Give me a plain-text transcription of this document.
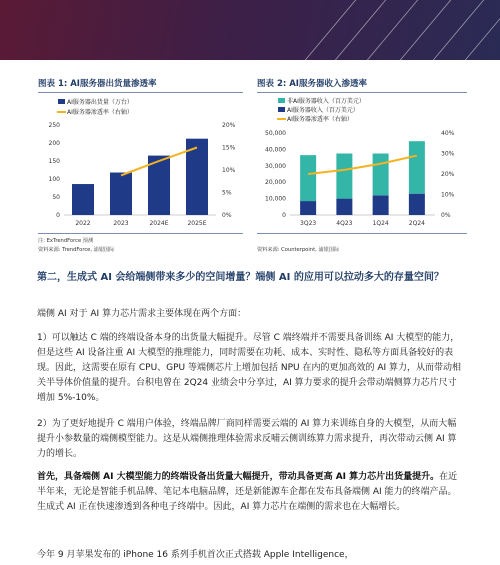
图表 1: AI服务器出货量渗透率
AI服务器出货量（万台）
AI服务器渗透率（右轴）
0
50
100
150
200
250
0%
5%
10%
15%
20%
2022	2023	2024E	2025E
注: ExTrendForce 预测
资料来源: TrendForce, 浦银国际
图表 2: AI服务器收入渗透率
非AI服务器收入（百万美元）
AI服务器收入（百万美元）
AI服务器渗透率（右轴）
0
10,000
20,000
30,000
40,000
50,000
0%
10%
20%
30%
40%
3Q23	4Q23	1Q24	2Q24
资料来源: Counterpoint, 浦银国际
第二，生成式 AI 会给端侧带来多少的空间增量？端侧 AI 的应用可以拉动多大的存量空间？
端侧 AI 对于 AI 算力芯片需求主要体现在两个方面：
1）可以触达 C 端的终端设备本身的出货量大幅提升。尽管 C 端终端并不需要具备训练 AI 大模型的能力，但是这些 AI 设备注重 AI 大模型的推理能力，同时需要在功耗、成本、实时性、隐私等方面具备较好的表现。因此，这需要在原有 CPU、GPU 等端侧芯片上增加包括 NPU 在内的更加高效的 AI 算力，从而带动相关半导体价值量的提升。台积电曾在 2Q24 业绩会中分享过，AI 算力要求的提升会带动端侧算力芯片尺寸增加 5%-10%。
2）为了更好地提升 C 端用户体验，终端品牌厂商同样需要云端的 AI 算力来训练自身的大模型，从而大幅提升小参数量的端侧模型能力。这是从端侧推理体验需求反哺云侧训练算力需求提升，再次带动云侧 AI 算力的增长。
首先，具备端侧 AI 大模型能力的终端设备出货量大幅提升，带动具备更高 AI 算力芯片出货量提升。在近半年来，无论是智能手机品牌、笔记本电脑品牌，还是新能源车企都在发布具备端侧 AI 能力的终端产品。生成式 AI 正在快速渗透到各种电子终端中。因此，AI 算力芯片在端侧的需求也在大幅增长。
今年 9 月苹果发布的 iPhone 16 系列手机首次正式搭载 Apple Intelligence，
